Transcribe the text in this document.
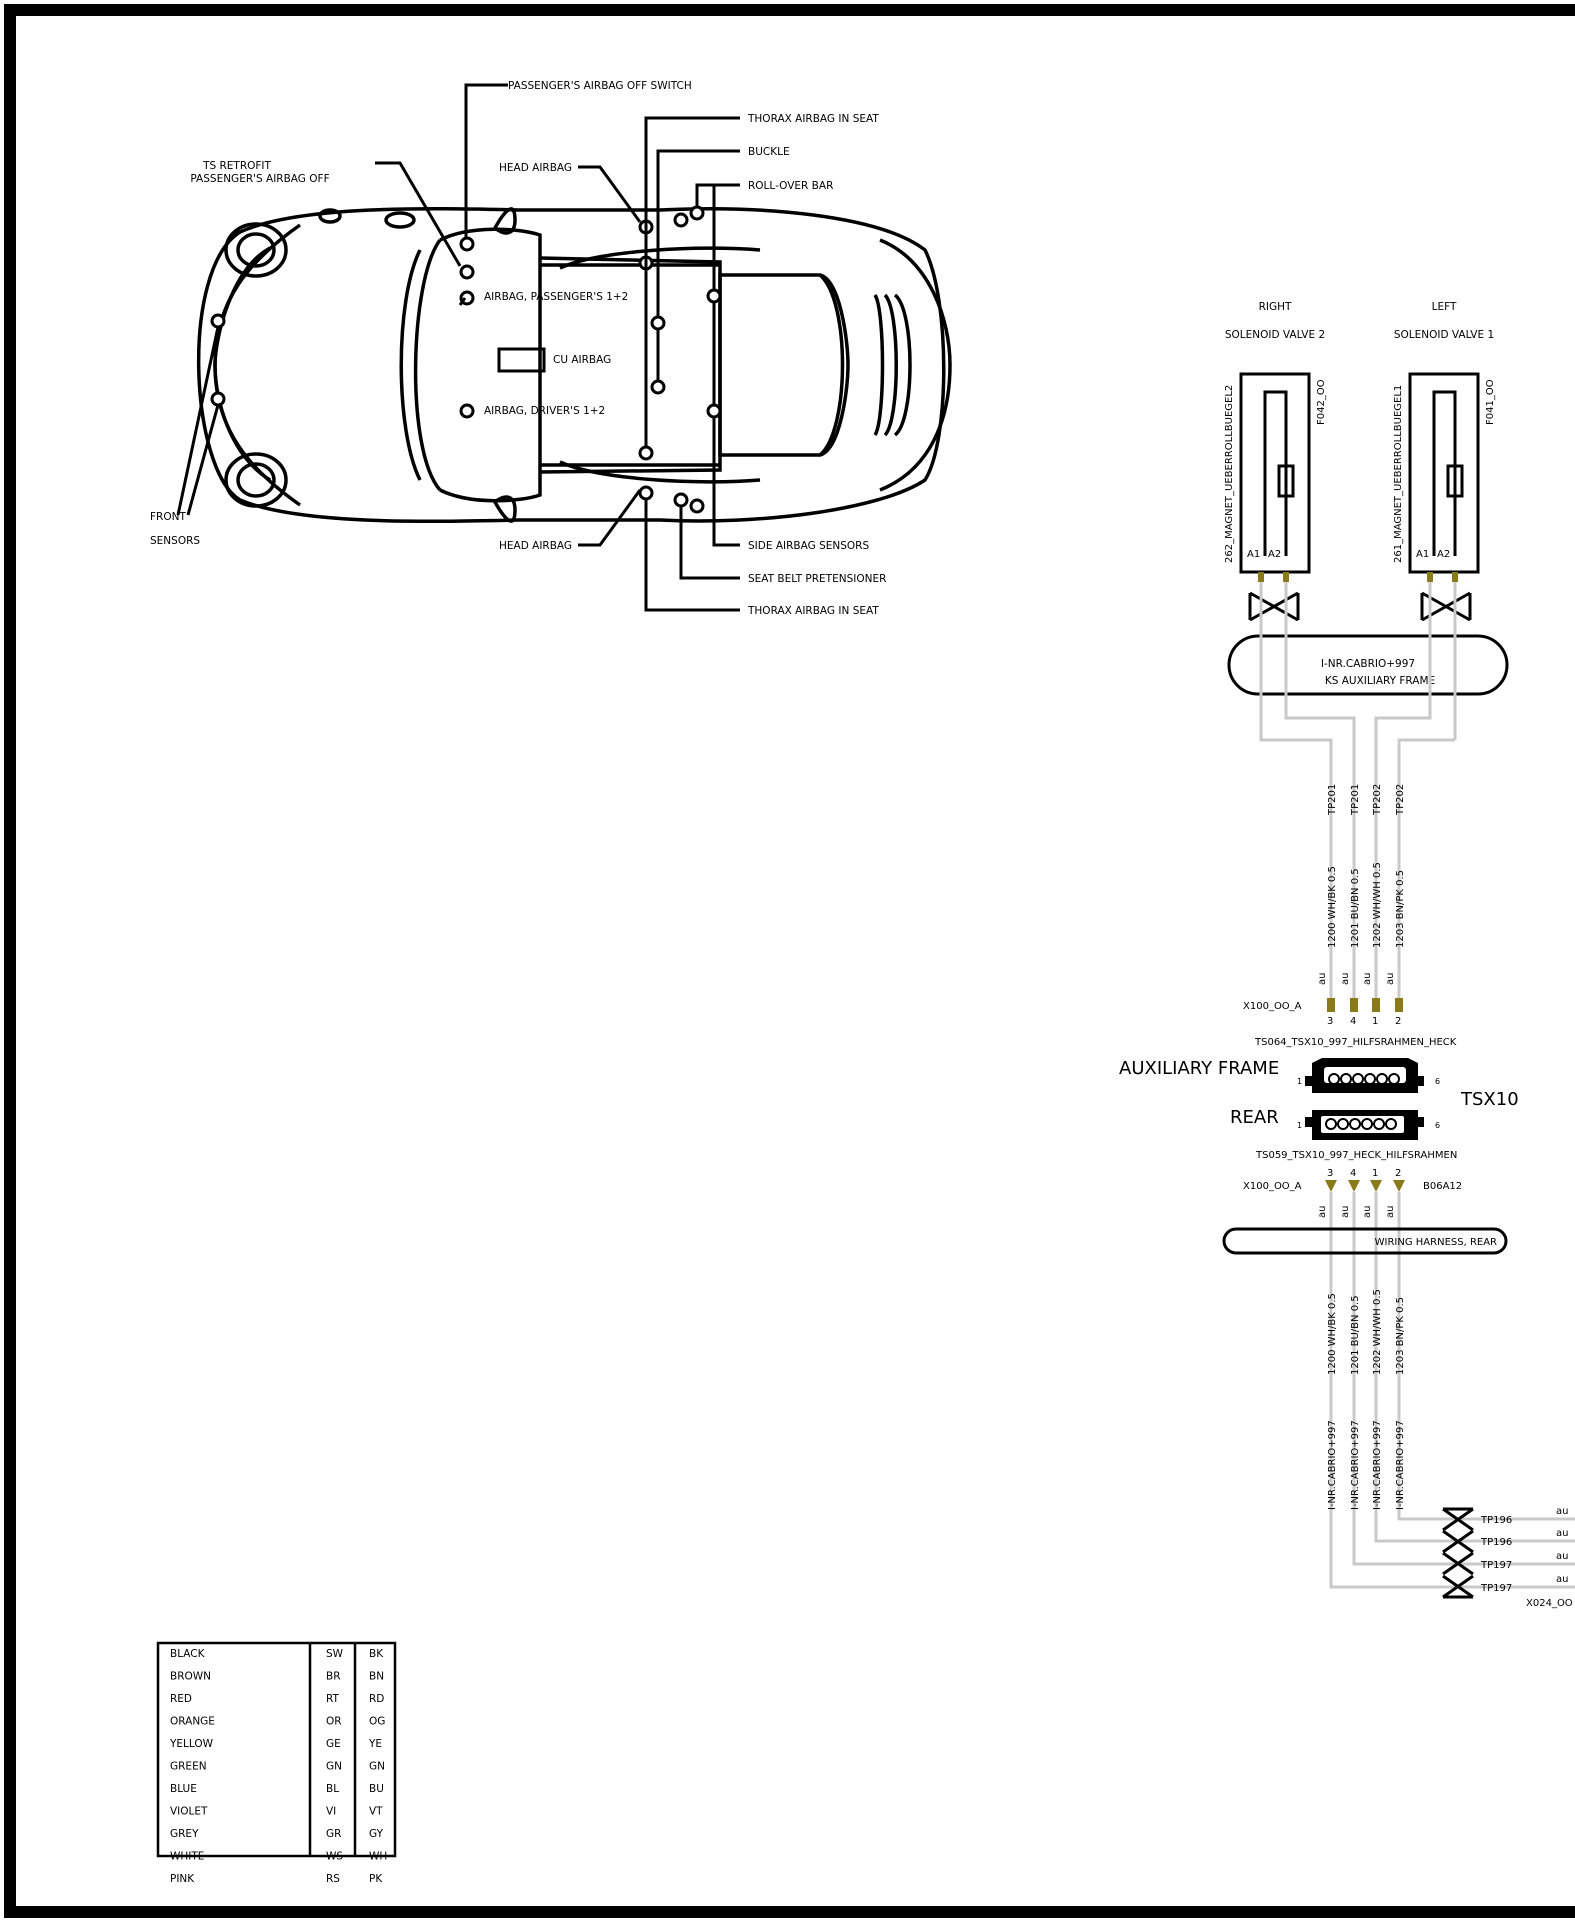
PASSENGER'S AIRBAG OFF SWITCH
THORAX AIRBAG IN SEAT
BUCKLE
ROLL-OVER BAR
TS RETROFIT
PASSENGER'S AIRBAG OFF
HEAD AIRBAG
AIRBAG, PASSENGER'S 1+2
CU AIRBAG
AIRBAG, DRIVER'S 1+2
FRONT
SENSORS	HEAD AIRBAG	SIDE AIRBAG SENSORS
SEAT BELT PRETENSIONER
THORAX AIRBAG IN SEAT
RIGHT
SOLENOID VALVE 2
LEFT
SOLENOID VALVE 1
262_MAGNET_UEBERROLLBUEGEL2	F042_OO
A1 A2	261_MAGNET_UEBERROLLBUEGEL1	F041_OO
A1 A2
I-NR.CABRIO+997
KS AUXILIARY FRAME
TP201 TP201 TP202 TP202
1200 WH/BK 0.5 1201 BU/BN 0.5 1202 WH/WH 0.5 1203 BN/PK 0.5
au au au au
X100_OO_A
3 4 1 2
TS064_TSX10_997_HILFSRAHMEN_HECK
AUXILIARY FRAME
REAR
TSX10
1	6
1	6
TS059_TSX10_997_HECK_HILFSRAHMEN
3 4 1 2
X100_OO_A	B06A12
au au au au
WIRING HARNESS, REAR
1200 WH/BK 0.5 1201 BU/BN 0.5 1202 WH/WH 0.5 1203 BN/PK 0.5
I-NR.CABRIO+997 I-NR.CABRIO+997 I-NR.CABRIO+997 I-NR.CABRIO+997
TP196
TP196
TP197
TP197
au
au
au
au
X024_OO
BLACK	SW BK
BROWN	BR	BN
RED	RT	RD
ORANGE	OR	OG
YELLOW	GE	YE
GREEN	GN	GN
BLUE	BL	BU
VIOLET	VI	VT
GREY	GR	GY
WHITE	WS WH
PINK	RS	PK
